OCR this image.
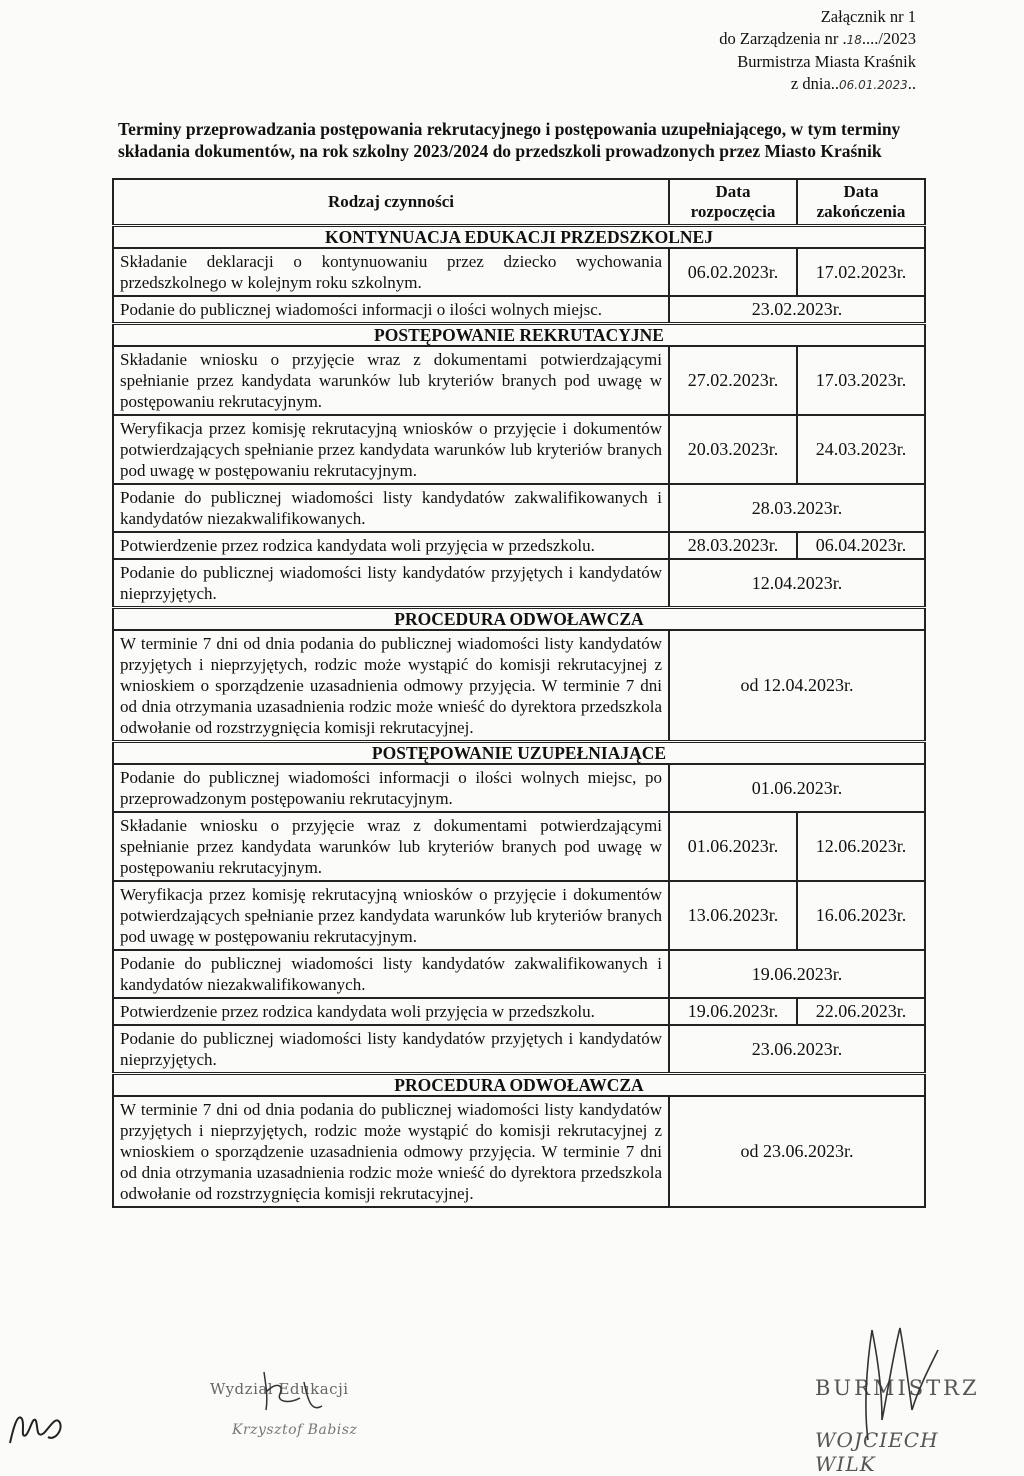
Załącznik nr 1
do Zarządzenia nr .18..../2023
Burmistrza Miasta Kraśnik
z dnia..06.01.2023..
Terminy przeprowadzania postępowania rekrutacyjnego i postępowania uzupełniającego, w tym terminy składania dokumentów, na rok szkolny 2023/2024 do przedszkoli prowadzonych przez Miasto Kraśnik
Rodzaj czynności	Data rozpoczęcia	Data zakończenia
KONTYNUACJA EDUKACJI PRZEDSZKOLNEJ		
Składanie deklaracji o kontynuowaniu przez dziecko wychowania przedszkolnego w kolejnym roku szkolnym.	06.02.2023r.	17.02.2023r.
Podanie do publicznej wiadomości informacji o ilości wolnych miejsc.	23.02.2023r.	
POSTĘPOWANIE REKRUTACYJNE		
Składanie wniosku o przyjęcie wraz z dokumentami potwierdzającymi spełnianie przez kandydata warunków lub kryteriów branych pod uwagę w postępowaniu rekrutacyjnym.	27.02.2023r.	17.03.2023r.
Weryfikacja przez komisję rekrutacyjną wniosków o przyjęcie i dokumentów potwierdzających spełnianie przez kandydata warunków lub kryteriów branych pod uwagę w postępowaniu rekrutacyjnym.	20.03.2023r.	24.03.2023r.
Podanie do publicznej wiadomości listy kandydatów zakwalifikowanych i kandydatów niezakwalifikowanych.	28.03.2023r.	
Potwierdzenie przez rodzica kandydata woli przyjęcia w przedszkolu.	28.03.2023r.	06.04.2023r.
Podanie do publicznej wiadomości listy kandydatów przyjętych i kandydatów nieprzyjętych.	12.04.2023r.	
PROCEDURA ODWOŁAWCZA		
W terminie 7 dni od dnia podania do publicznej wiadomości listy kandydatów przyjętych i nieprzyjętych, rodzic może wystąpić do komisji rekrutacyjnej z wnioskiem o sporządzenie uzasadnienia odmowy przyjęcia. W terminie 7 dni od dnia otrzymania uzasadnienia rodzic może wnieść do dyrektora przedszkola odwołanie od rozstrzygnięcia komisji rekrutacyjnej.	od 12.04.2023r.	
POSTĘPOWANIE UZUPEŁNIAJĄCE		
Podanie do publicznej wiadomości informacji o ilości wolnych miejsc, po przeprowadzonym postępowaniu rekrutacyjnym.	01.06.2023r.	
Składanie wniosku o przyjęcie wraz z dokumentami potwierdzającymi spełnianie przez kandydata warunków lub kryteriów branych pod uwagę w postępowaniu rekrutacyjnym.	01.06.2023r.	12.06.2023r.
Weryfikacja przez komisję rekrutacyjną wniosków o przyjęcie i dokumentów potwierdzających spełnianie przez kandydata warunków lub kryteriów branych pod uwagę w postępowaniu rekrutacyjnym.	13.06.2023r.	16.06.2023r.
Podanie do publicznej wiadomości listy kandydatów zakwalifikowanych i kandydatów niezakwalifikowanych.	19.06.2023r.	
Potwierdzenie przez rodzica kandydata woli przyjęcia w przedszkolu.	19.06.2023r.	22.06.2023r.
Podanie do publicznej wiadomości listy kandydatów przyjętych i kandydatów nieprzyjętych.	23.06.2023r.	
PROCEDURA ODWOŁAWCZA		
W terminie 7 dni od dnia podania do publicznej wiadomości listy kandydatów przyjętych i nieprzyjętych, rodzic może wystąpić do komisji rekrutacyjnej z wnioskiem o sporządzenie uzasadnienia odmowy przyjęcia. W terminie 7 dni od dnia otrzymania uzasadnienia rodzic może wnieść do dyrektora przedszkola odwołanie od rozstrzygnięcia komisji rekrutacyjnej.	od 23.06.2023r.	
Wydział Edukacji
Krzysztof Babisz
BURMISTRZ
WOJCIECH WILK
